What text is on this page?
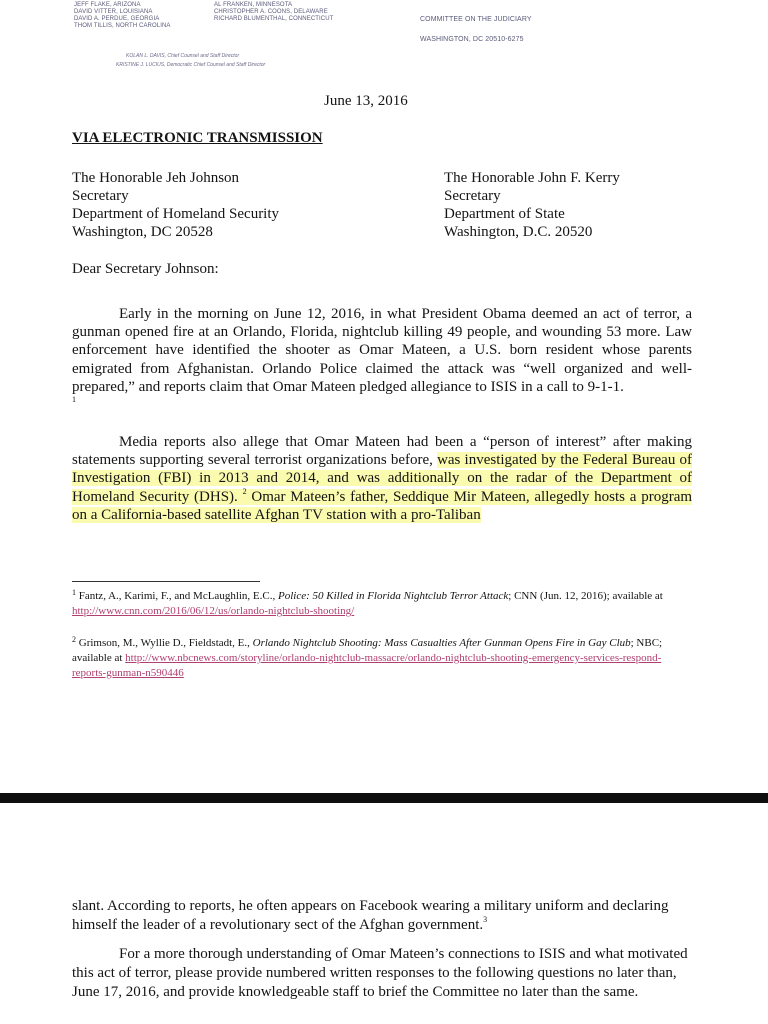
JEFF FLAKE, ARIZONA
DAVID VITTER, LOUISIANA
DAVID A. PERDUE, GEORGIA
THOM TILLIS, NORTH CAROLINA
AL FRANKEN, MINNESOTA
CHRISTOPHER A. COONS, DELAWARE
RICHARD BLUMENTHAL, CONNECTICUT	COMMITTEE ON THE JUDICIARY
WASHINGTON, DC 20510-6275
KOLAN L. DAVIS, Chief Counsel and Staff Director
KRISTINE J. LUCIUS, Democratic Chief Counsel and Staff Director
June 13, 2016
VIA ELECTRONIC TRANSMISSION
The Honorable Jeh Johnson
Secretary
Department of Homeland Security
Washington, DC 20528
The Honorable John F. Kerry
Secretary
Department of State
Washington, D.C. 20520
Dear Secretary Johnson:
Early in the morning on June 12, 2016, in what President Obama deemed an act of terror, a gunman opened fire at an Orlando, Florida, nightclub killing 49 people, and wounding 53 more. Law enforcement have identified the shooter as Omar Mateen, a U.S. born resident whose parents emigrated from Afghanistan. Orlando Police claimed the attack was “well organized and well-prepared,” and reports claim that Omar Mateen pledged allegiance to ISIS in a call to 9-1-1.
$^1$
Media reports also allege that Omar Mateen had been a “person of interest” after making statements supporting several terrorist organizations before, was investigated by the Federal Bureau of Investigation (FBI) in 2013 and 2014, and was additionally on the radar of the Department of Homeland Security (DHS). $^2$ Omar Mateen’s father, Seddique Mir Mateen, allegedly hosts a program on a California-based satellite Afghan TV station with a pro-Taliban
$^1$ Fantz, A., Karimi, F., and McLaughlin, E.C., Police: 50 Killed in Florida Nightclub Terror Attack; CNN (Jun. 12, 2016); available at http://www.cnn.com/2016/06/12/us/orlando-nightclub-shooting/
$^2$ Grimson, M., Wyllie D., Fieldstadt, E., Orlando Nightclub Shooting: Mass Casualties After Gunman Opens Fire in Gay Club; NBC; available at http://www.nbcnews.com/storyline/orlando-nightclub-massacre/orlando-nightclub-shooting-emergency-services-respond-reports-gunman-n590446
slant. According to reports, he often appears on Facebook wearing a military uniform and declaring himself the leader of a revolutionary sect of the Afghan government.$^3$
For a more thorough understanding of Omar Mateen’s connections to ISIS and what motivated this act of terror, please provide numbered written responses to the following questions no later than, June 17, 2016, and provide knowledgeable staff to brief the Committee no later than the same.
